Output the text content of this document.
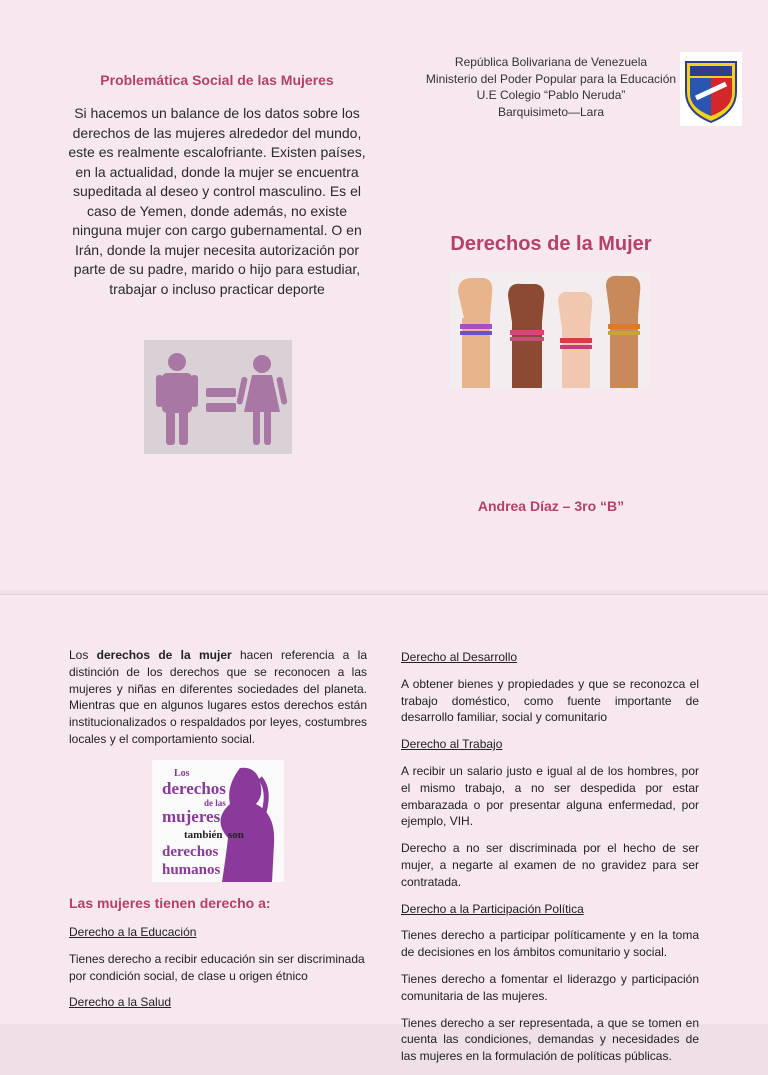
Problemática Social de las Mujeres
Si hacemos un balance de los datos sobre los derechos de las mujeres alrededor del mundo, este es realmente escalofriante. Existen países, en la actualidad, donde la mujer se encuentra supeditada al deseo y control masculino. Es el caso de Yemen, donde además, no existe ninguna mujer con cargo gubernamental. O en Irán, donde la mujer necesita autorización por parte de su padre, marido o hijo para estudiar, trabajar o incluso practicar deporte
República Bolivariana de Venezuela
Ministerio del Poder Popular para la Educación
U.E Colegio “Pablo Neruda”
Barquisimeto—Lara
Derechos de la Mujer
Andrea Díaz – 3ro “B”
Los derechos de la mujer hacen referencia a la distinción de los derechos que se reconocen a las mujeres y niñas en diferentes sociedades del planeta. Mientras que en algunos lugares estos derechos están institucionalizados o respaldados por leyes, costumbres locales y el comportamiento social.
Los
derechos
de las
mujeres
también son
derechos
humanos
Las mujeres tienen derecho a:
Derecho a la Educación
Tienes derecho a recibir educación sin ser discriminada por condición social, de clase u origen étnico
Derecho a la Salud
Derecho al Desarrollo
A obtener bienes y propiedades y que se reconozca el trabajo doméstico, como fuente importante de desarrollo familiar, social y comunitario
Derecho al Trabajo
A recibir un salario justo e igual al de los hombres, por el mismo trabajo, a no ser despedida por estar embarazada o por presentar alguna enfermedad, por ejemplo, VIH.
Derecho a no ser discriminada por el hecho de ser mujer, a negarte al examen de no gravidez para ser contratada.
Derecho a la Participación Política
Tienes derecho a participar políticamente y en la toma de decisiones en los ámbitos comunitario y social.
Tienes derecho a fomentar el liderazgo y participación comunitaria de las mujeres.
Tienes derecho a ser representada, a que se tomen en cuenta las condiciones, demandas y necesidades de las mujeres en la formulación de políticas públicas.
